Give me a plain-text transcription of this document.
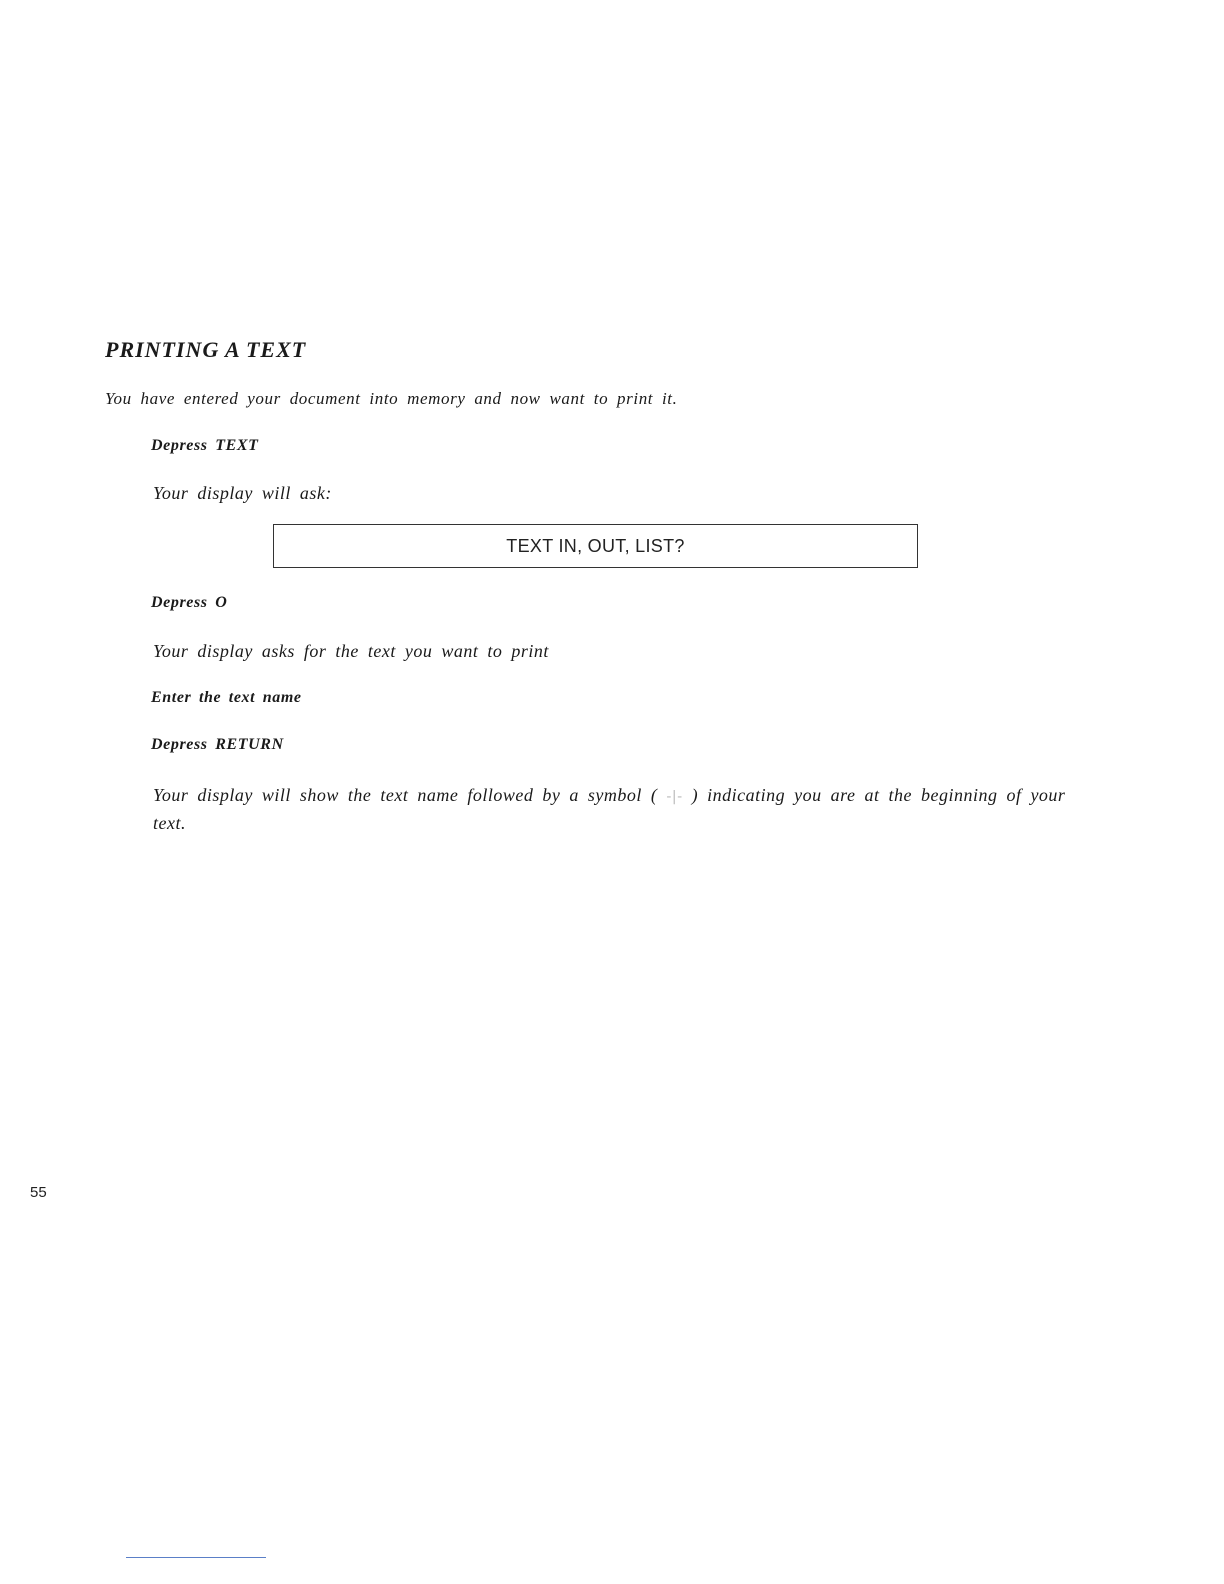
PRINTING A TEXT
You have entered your document into memory and now want to print it.
Depress TEXT
Your display will ask:
TEXT IN, OUT, LIST?
Depress O
Your display asks for the text you want to print
Enter the text name
Depress RETURN
Your display will show the text name followed by a symbol ( -|- ) indicating you are at the beginning of your text.
55
